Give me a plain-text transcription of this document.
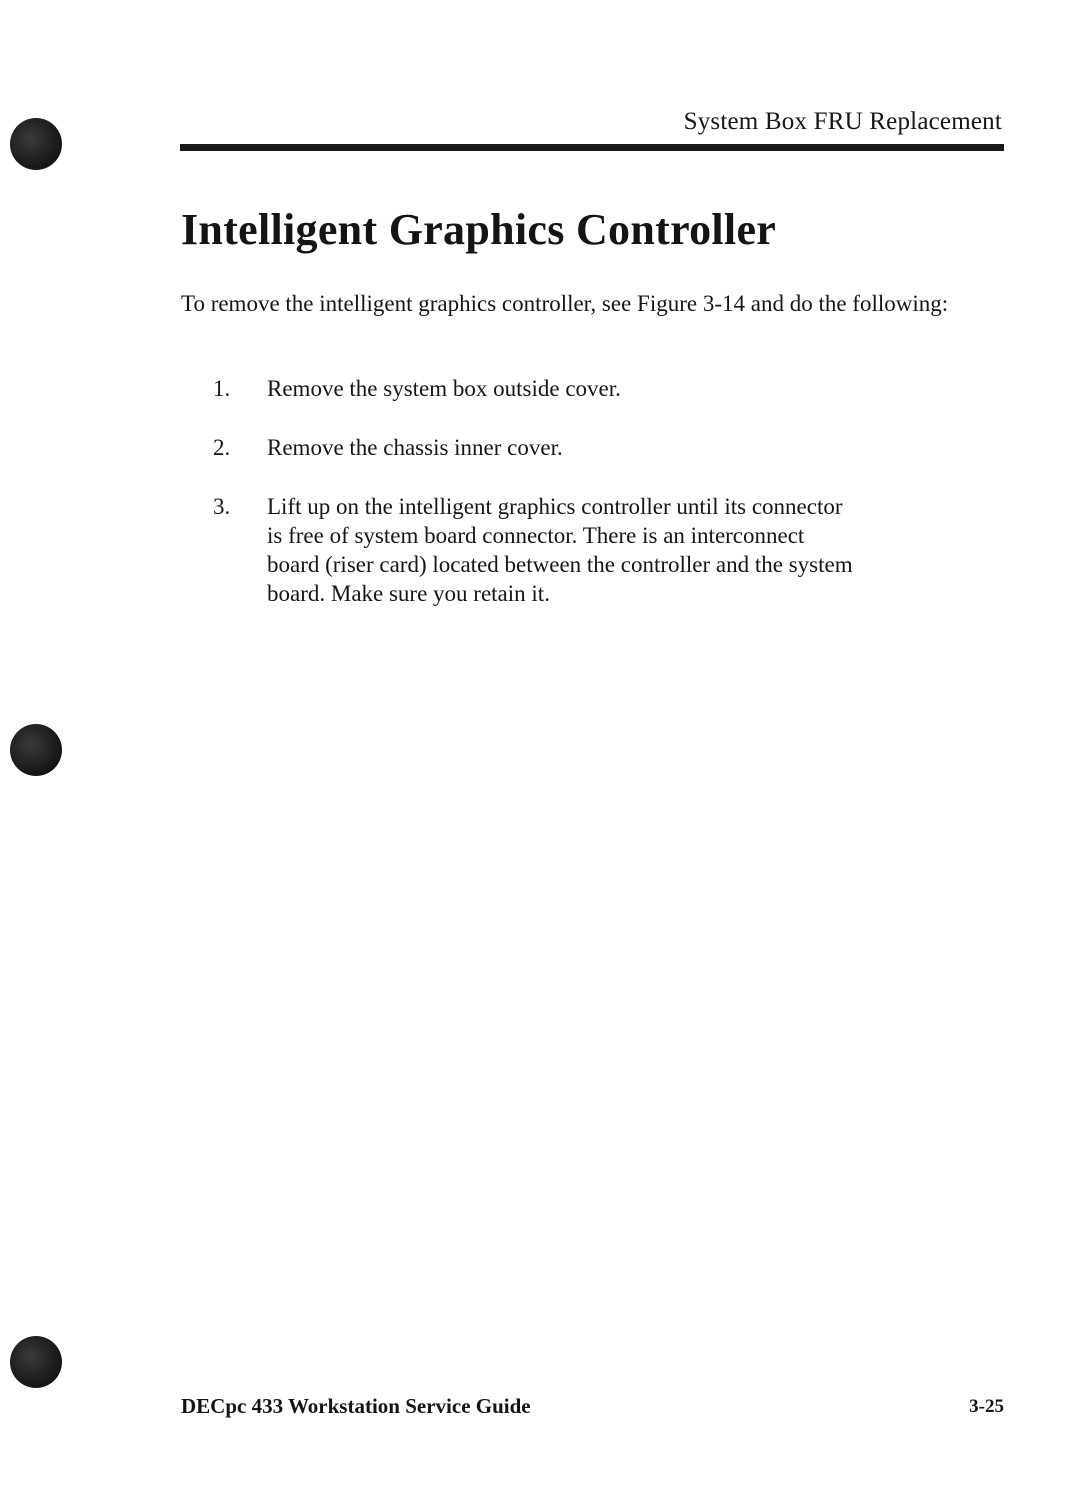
System Box FRU Replacement
Intelligent Graphics Controller

To remove the intelligent graphics controller, see Figure 3-14 and do the following:

1. Remove the system box outside cover.
2. Remove the chassis inner cover.
3. Lift up on the intelligent graphics controller until its connector is free of system board connector. There is an interconnect board (riser card) located between the controller and the system board. Make sure you retain it.
DECpc 433 Workstation Service Guide	3-25
